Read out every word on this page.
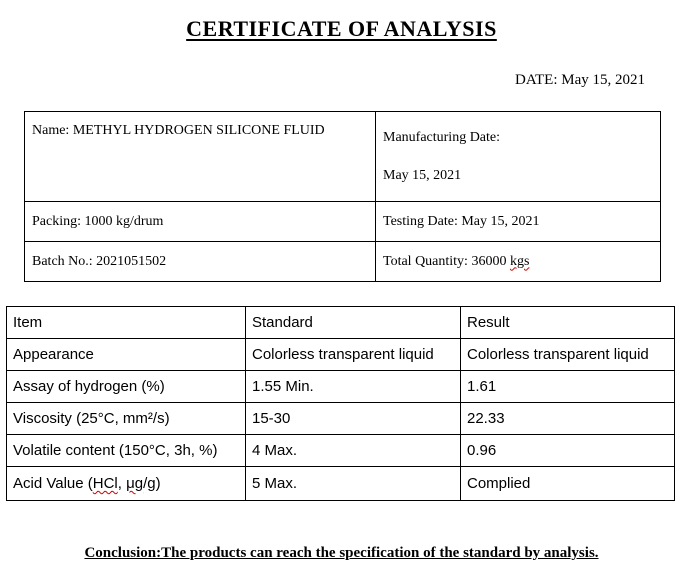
CERTIFICATE OF ANALYSIS
DATE: May 15, 2021
Name: METHYL HYDROGEN SILICONE FLUID	Manufacturing Date:
May 15, 2021

Packing: 1000 kg/drum	Testing Date: May 15, 2021
Batch No.: 2021051502	Total Quantity: 36000 kgs
Item	Standard	Result
Appearance	Colorless transparent liquid	Colorless transparent liquid
Assay of hydrogen (%)	1.55 Min.	1.61
Viscosity (25°C, mm²/s)	15-30	22.33
Volatile content (150°C, 3h, %)	4 Max.	0.96
Acid Value (HCl, μg/g)	5 Max.	Complied
Conclusion:The products can reach the specification of the standard by analysis.
